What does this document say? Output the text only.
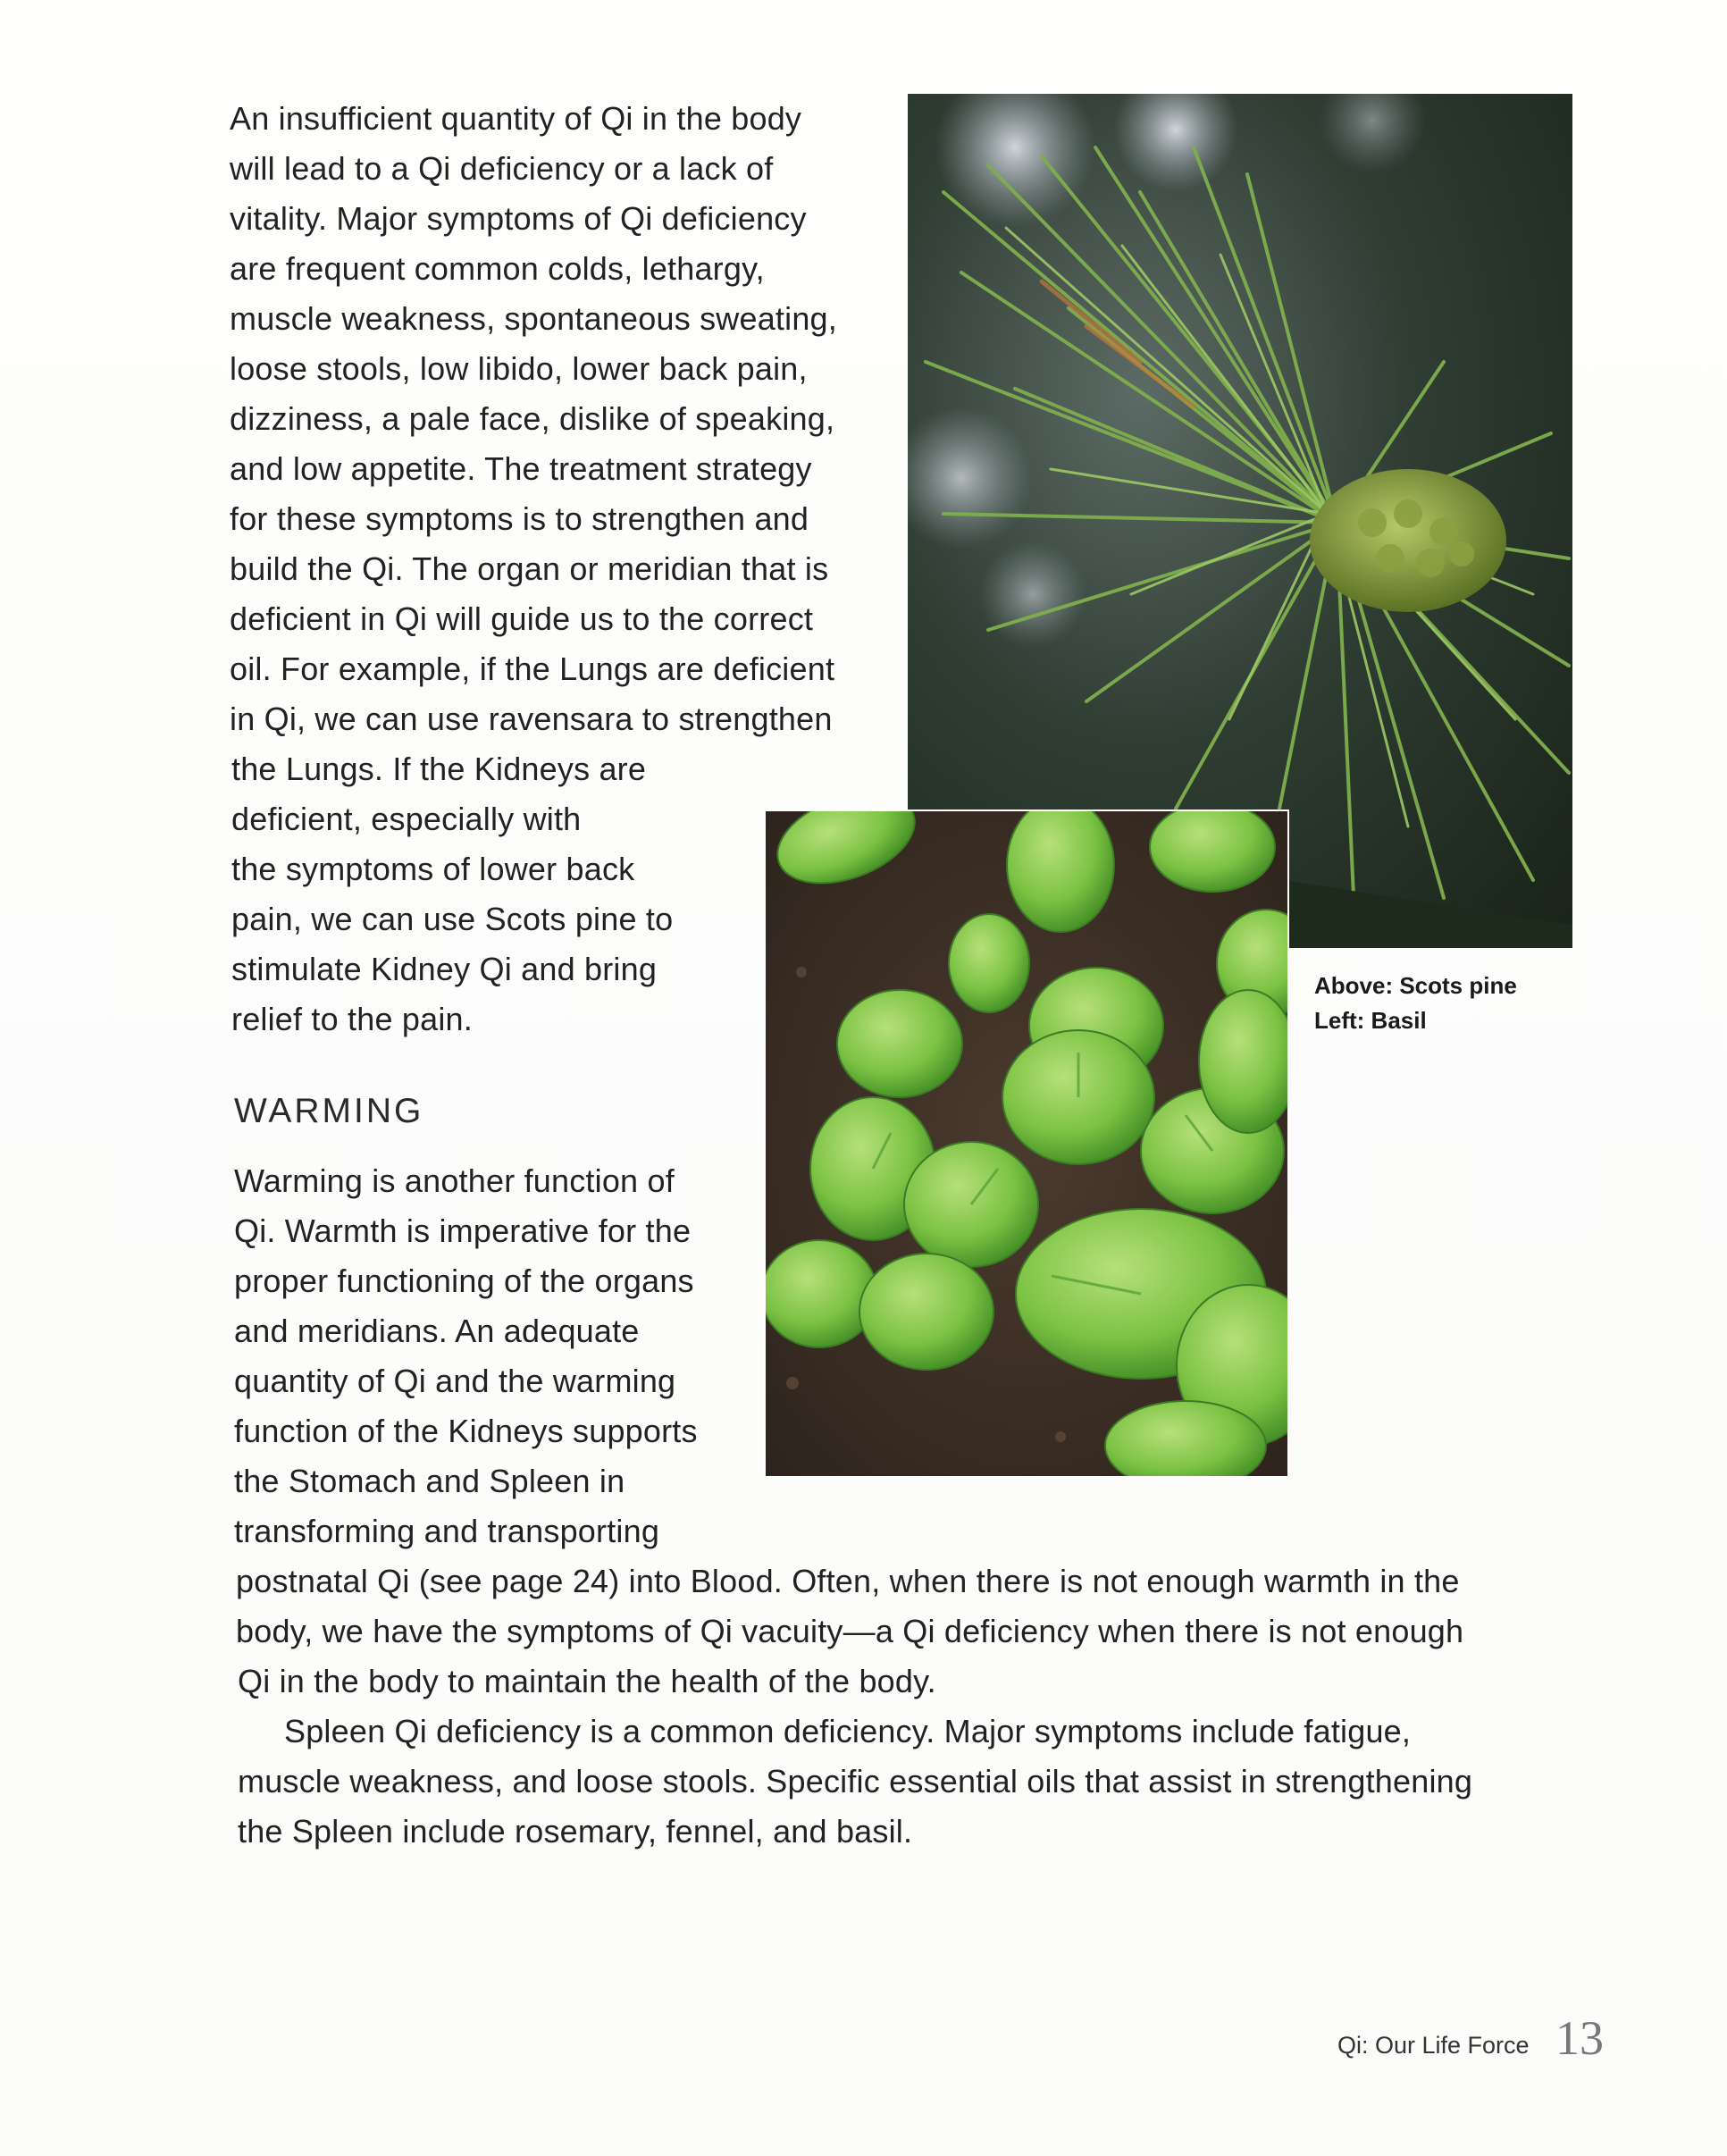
An insufficient quantity of Qi in the body
will lead to a Qi deficiency or a lack of
vitality. Major symptoms of Qi deficiency
are frequent common colds, lethargy,
muscle weakness, spontaneous sweating,
loose stools, low libido, lower back pain,
dizziness, a pale face, dislike of speaking,
and low appetite. The treatment strategy
for these symptoms is to strengthen and
build the Qi. The organ or meridian that is
deficient in Qi will guide us to the correct
oil. For example, if the Lungs are deficient
in Qi, we can use ravensara to strengthen
the Lungs. If the Kidneys are
deficient, especially with
the symptoms of lower back
pain, we can use Scots pine to
stimulate Kidney Qi and bring
relief to the pain.
WARMING
Warming is another function of
Qi. Warmth is imperative for the
proper functioning of the organs
and meridians. An adequate
quantity of Qi and the warming
function of the Kidneys supports
the Stomach and Spleen in
transforming and transporting
postnatal Qi (see page 24) into Blood. Often, when there is not enough warmth in the
body, we have the symptoms of Qi vacuity—a Qi deficiency when there is not enough
Qi in the body to maintain the health of the body.
Spleen Qi deficiency is a common deficiency. Major symptoms include fatigue,
muscle weakness, and loose stools. Specific essential oils that assist in strengthening
the Spleen include rosemary, fennel, and basil.
Above: Scots pine
Left: Basil
Qi: Our Life Force 13
